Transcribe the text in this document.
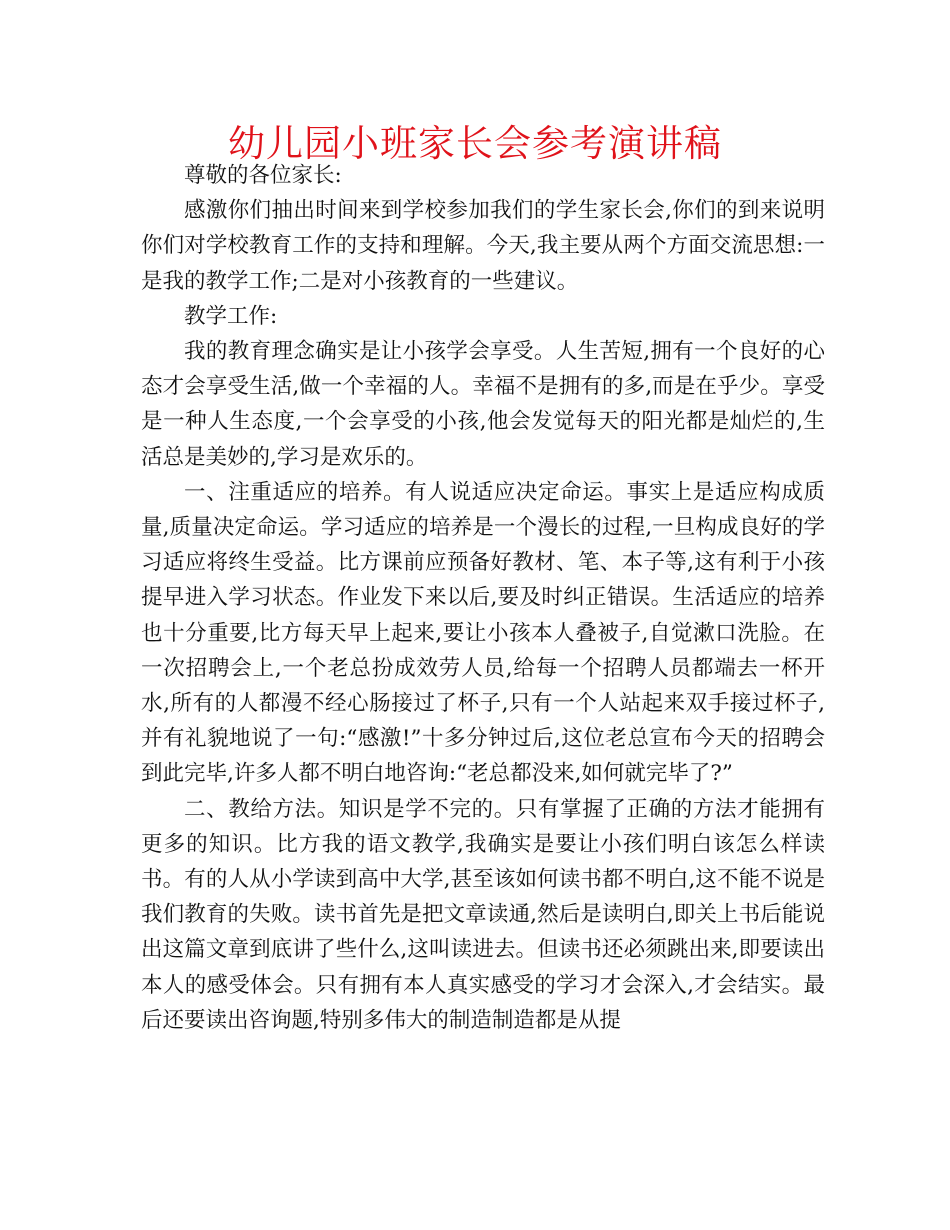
幼儿园小班家长会参考演讲稿

尊敬的各位家长:

感激你们抽出时间来到学校参加我们的学生家长会,你们的到来说明你们对学校教育工作的支持和理解。今天,我主要从两个方面交流思想:一是我的教学工作;二是对小孩教育的一些建议。

教学工作:

我的教育理念确实是让小孩学会享受。人生苦短,拥有一个良好的心态才会享受生活,做一个幸福的人。幸福不是拥有的多,而是在乎少。享受是一种人生态度,一个会享受的小孩,他会发觉每天的阳光都是灿烂的,生活总是美妙的,学习是欢乐的。

一、注重适应的培养。有人说适应决定命运。事实上是适应构成质量,质量决定命运。学习适应的培养是一个漫长的过程,一旦构成良好的学习适应将终生受益。比方课前应预备好教材、笔、本子等,这有利于小孩提早进入学习状态。作业发下来以后,要及时纠正错误。生活适应的培养也十分重要,比方每天早上起来,要让小孩本人叠被子,自觉漱口洗脸。在一次招聘会上,一个老总扮成效劳人员,给每一个招聘人员都端去一杯开水,所有的人都漫不经心肠接过了杯子,只有一个人站起来双手接过杯子,并有礼貌地说了一句:“感激!”十多分钟过后,这位老总宣布今天的招聘会到此完毕,许多人都不明白地咨询:“老总都没来,如何就完毕了?”

二、教给方法。知识是学不完的。只有掌握了正确的方法才能拥有更多的知识。比方我的语文教学,我确实是要让小孩们明白该怎么样读书。有的人从小学读到高中大学,甚至该如何读书都不明白,这不能不说是我们教育的失败。读书首先是把文章读通,然后是读明白,即关上书后能说出这篇文章到底讲了些什么,这叫读进去。但读书还必须跳出来,即要读出本人的感受体会。只有拥有本人真实感受的学习才会深入,才会结实。最后还要读出咨询题,特别多伟大的制造制造都是从提
